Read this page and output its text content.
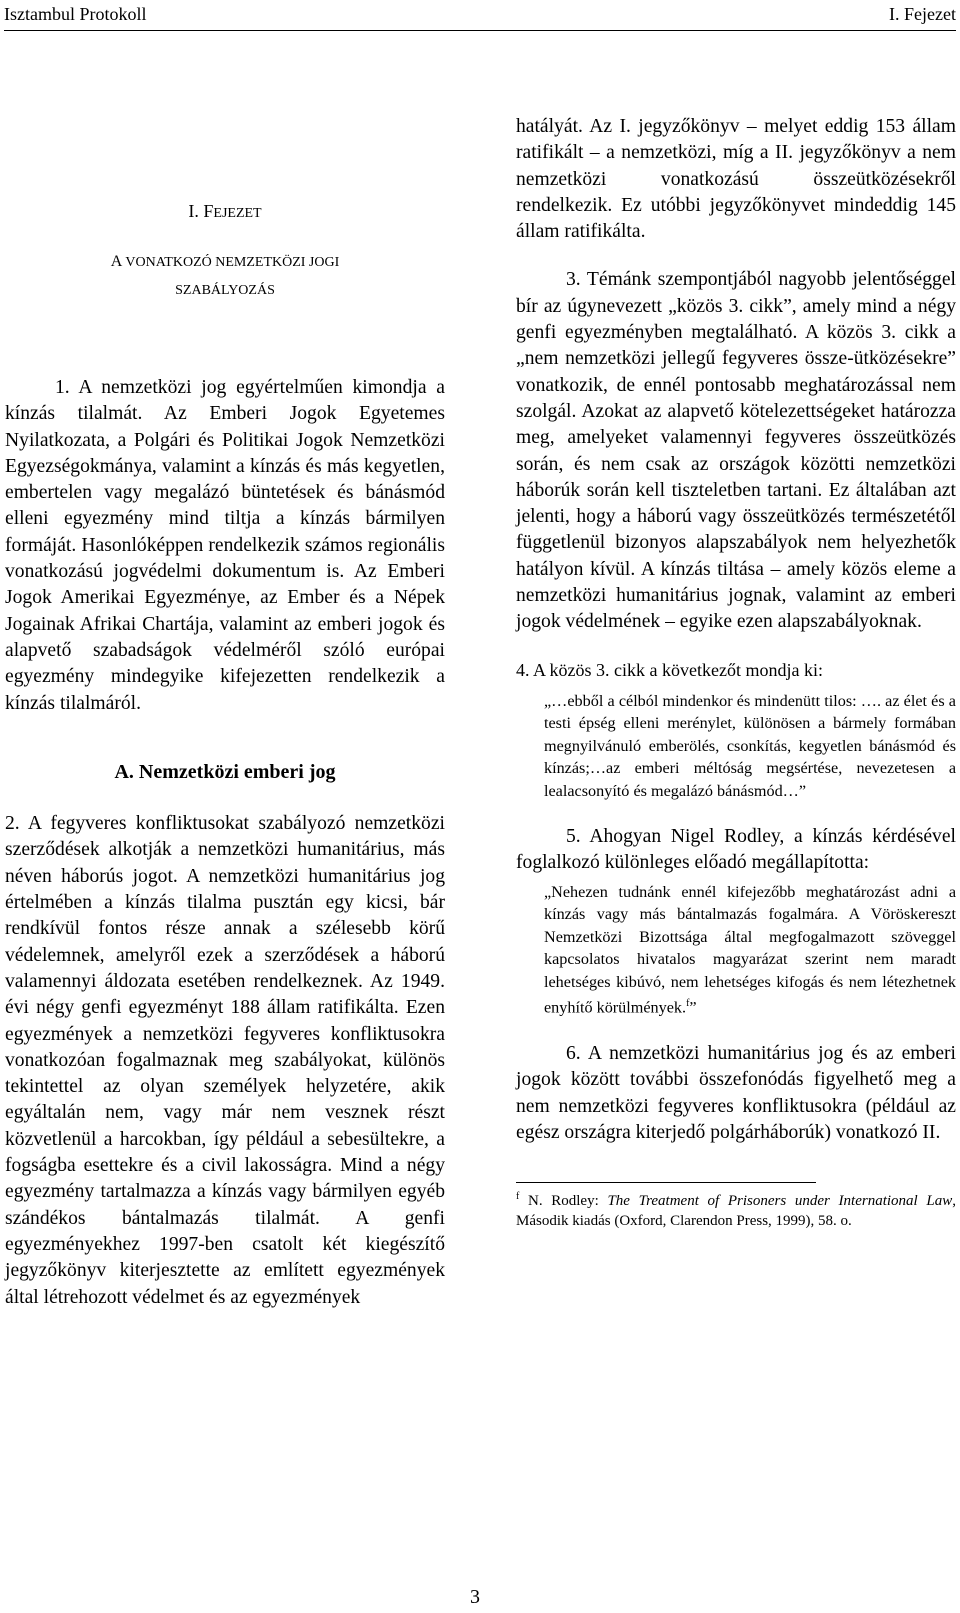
Isztambul Protokoll	I. Fejezet
I. FEJEZET
A VONATKOZÓ NEMZETKÖZI JOGI
SZABÁLYOZÁS

1. A nemzetközi jog egyértelműen kimondja a kínzás tilalmát. Az Emberi Jogok Egyetemes Nyilatkozata, a Polgári és Politikai Jogok Nemzetközi Egyezségokmánya, valamint a kínzás és más kegyetlen, embertelen vagy megalázó büntetések és bánásmód elleni egyezmény mind tiltja a kínzás bármilyen formáját. Hasonlóképpen rendelkezik számos regionális vonatkozású jogvédelmi dokumentum is. Az Emberi Jogok Amerikai Egyezménye, az Ember és a Népek Jogainak Afrikai Chartája, valamint az emberi jogok és alapvető szabadságok védelméről szóló európai egyezmény mindegyike kifejezetten rendelkezik a kínzás tilalmáról.

A. Nemzetközi emberi jog

2. A fegyveres konfliktusokat szabályozó nemzetközi szerződések alkotják a nemzetközi humanitárius, más néven háborús jogot. A nemzetközi humanitárius jog értelmében a kínzás tilalma pusztán egy kicsi, bár rendkívül fontos része annak a szélesebb körű védelemnek, amelyről ezek a szerződések a háború valamennyi áldozata esetében rendelkeznek. Az 1949. évi négy genfi egyezményt 188 állam ratifikálta. Ezen egyezmények a nemzetközi fegyveres konfliktusokra vonatkozóan fogalmaznak meg szabályokat, különös tekintettel az olyan személyek helyzetére, akik egyáltalán nem, vagy már nem vesznek részt közvetlenül a harcokban, így például a sebesültekre, a fogságba esettekre és a civil lakosságra. Mind a négy egyezmény tartalmazza a kínzás vagy bármilyen egyéb szándékos bántalmazás tilalmát. A genfi egyezményekhez 1997-ben csatolt két kiegészítő jegyzőkönyv kiterjesztette az említett egyezmények által létrehozott védelmet és az egyezmények

hatályát. Az I. jegyzőkönyv – melyet eddig 153 állam ratifikált – a nemzetközi, míg a II. jegyzőkönyv a nem nemzetközi vonatkozású összeütközésekről rendelkezik. Ez utóbbi jegyzőkönyvet mindeddig 145 állam ratifikálta.

3. Témánk szempontjából nagyobb jelentőséggel bír az úgynevezett „közös 3. cikk”, amely mind a négy genfi egyezményben megtalálható. A közös 3. cikk a „nem nemzetközi jellegű fegyveres össze-ütközésekre” vonatkozik, de ennél pontosabb meghatározással nem szolgál. Azokat az alapvető kötelezettségeket határozza meg, amelyeket valamennyi fegyveres összeütközés során, és nem csak az országok közötti nemzetközi háborúk során kell tiszteletben tartani. Ez általában azt jelenti, hogy a háború vagy összeütközés természetétől függetlenül bizonyos alapszabályok nem helyezhetők hatályon kívül. A kínzás tiltása – amely közös eleme a nemzetközi humanitárius jognak, valamint az emberi jogok védelmének – egyike ezen alapszabályoknak.

4. A közös 3. cikk a következőt mondja ki:

„…ebből a célból mindenkor és mindenütt tilos: …. az élet és a testi épség elleni merénylet, különösen a bármely formában megnyilvánuló emberölés, csonkítás, kegyetlen bánásmód és kínzás;…az emberi méltóság megsértése, nevezetesen a lealacsonyító és megalázó bánásmód…”

5. Ahogyan Nigel Rodley, a kínzás kérdésével foglalkozó különleges előadó megállapította:

„Nehezen tudnánk ennél kifejezőbb meghatározást adni a kínzás vagy más bántalmazás fogalmára. A Vöröskereszt Nemzetközi Bizottsága által megfogalmazott szöveggel kapcsolatos hivatalos magyarázat szerint nem maradt lehetséges kibúvó, nem lehetséges kifogás és nem létezhetnek enyhítő körülmények.$^f$”

6. A nemzetközi humanitárius jog és az emberi jogok között további összefonódás figyelhető meg a nem nemzetközi fegyveres konfliktusokra (például az egész országra kiterjedő polgárháborúk) vonatkozó II.

$^f$ N. Rodley: The Treatment of Prisoners under International Law, Második kiadás (Oxford, Clarendon Press, 1999), 58. o.

3
